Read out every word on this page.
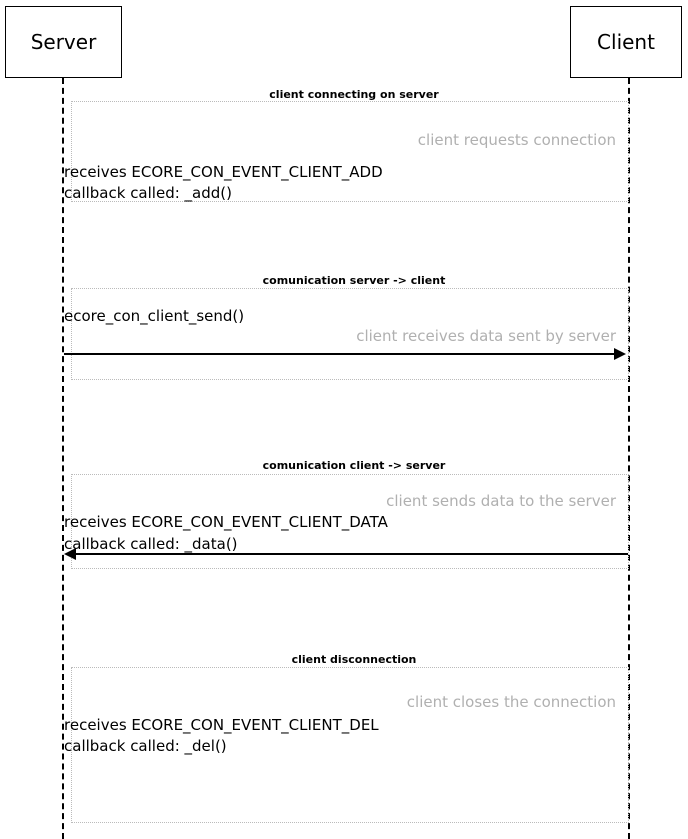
Server	Client
client connecting on server
client requests connection
receives ECORE_CON_EVENT_CLIENT_ADD
callback called: _add()
comunication server -> client
ecore_con_client_send()
client receives data sent by server
comunication client -> server
client sends data to the server
receives ECORE_CON_EVENT_CLIENT_DATA
callback called: _data()
client disconnection
client closes the connection
receives ECORE_CON_EVENT_CLIENT_DEL
callback called: _del()
